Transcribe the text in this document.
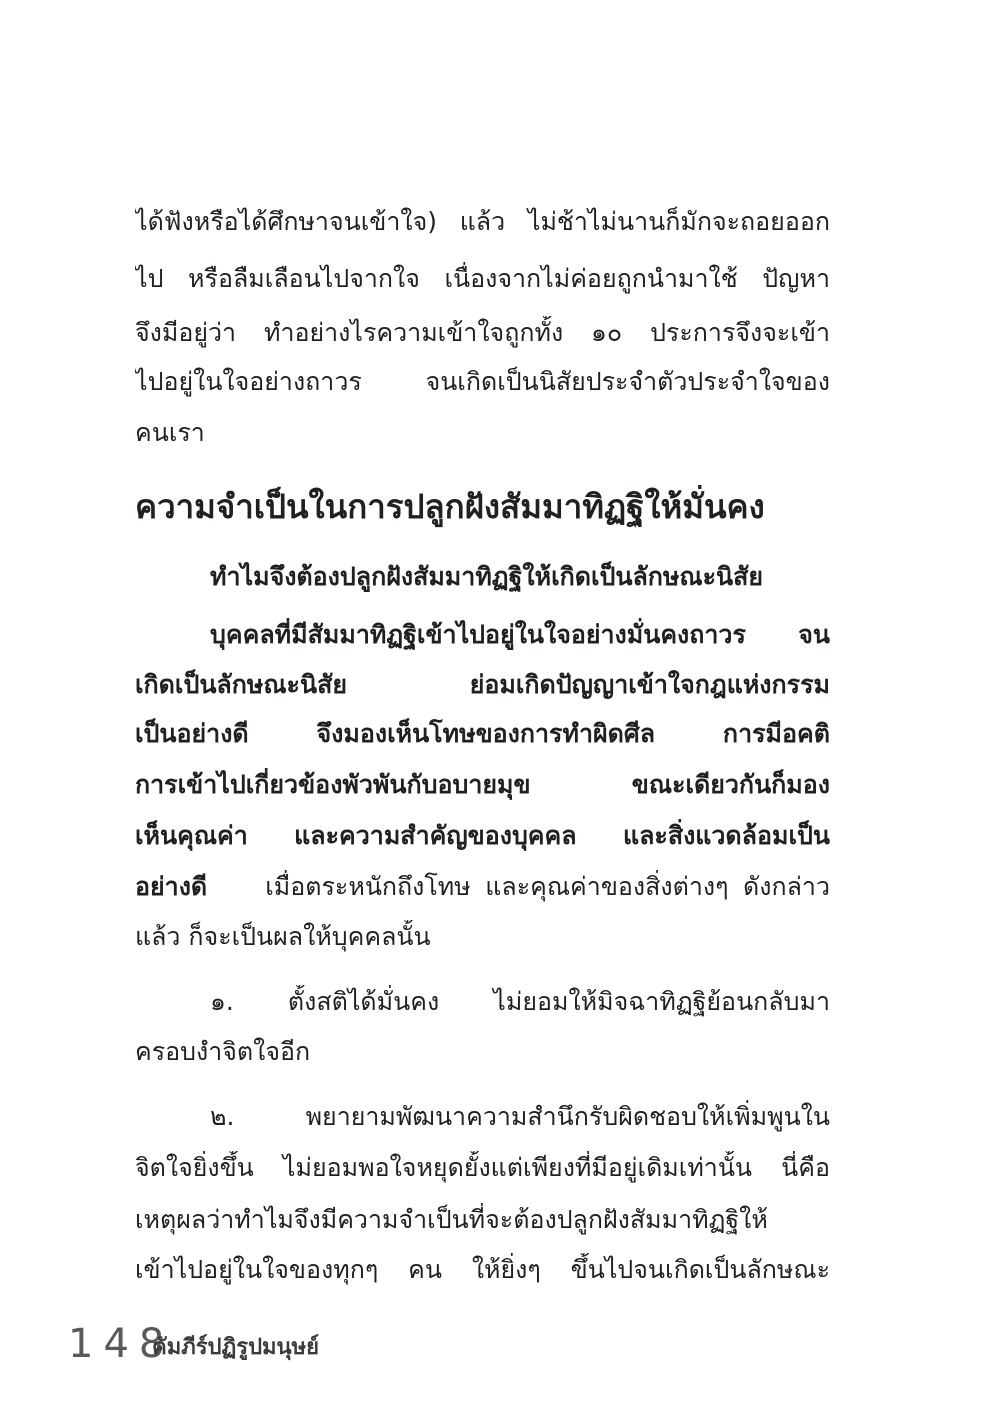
ได้ฟังหรือได้ศึกษาจนเข้าใจ) แล้ว ไม่ช้าไม่นานก็มักจะถอยออก
ไป หรือลืมเลือนไปจากใจ เนื่องจากไม่ค่อยถูกนำมาใช้ ปัญหา
จึงมีอยู่ว่า ทำอย่างไรความเข้าใจถูกทั้ง ๑๐ ประการจึงจะเข้า
ไปอยู่ในใจอย่างถาวร จนเกิดเป็นนิสัยประจำตัวประจำใจของ
คนเรา
ความจำเป็นในการปลูกฝังสัมมาทิฏฐิให้มั่นคง
ทำไมจึงต้องปลูกฝังสัมมาทิฏฐิให้เกิดเป็นลักษณะนิสัย
บุคคลที่มีสัมมาทิฏฐิเข้าไปอยู่ในใจอย่างมั่นคงถาวร จน
เกิดเป็นลักษณะนิสัย ย่อมเกิดปัญญาเข้าใจกฎแห่งกรรม
เป็นอย่างดี จึงมองเห็นโทษของการทำผิดศีล การมีอคติ
การเข้าไปเกี่ยวข้องพัวพันกับอบายมุข ขณะเดียวกันก็มอง
เห็นคุณค่า และความสำคัญของบุคคล และสิ่งแวดล้อมเป็น
อย่างดี เมื่อตระหนักถึงโทษ และคุณค่าของสิ่งต่างๆ ดังกล่าว
แล้ว ก็จะเป็นผลให้บุคคลนั้น
๑. ตั้งสติได้มั่นคง ไม่ยอมให้มิจฉาทิฏฐิย้อนกลับมา
ครอบงำจิตใจอีก
๒. พยายามพัฒนาความสำนึกรับผิดชอบให้เพิ่มพูนใน
จิตใจยิ่งขึ้น ไม่ยอมพอใจหยุดยั้งแต่เพียงที่มีอยู่เดิมเท่านั้น นี่คือ
เหตุผลว่าทำไมจึงมีความจำเป็นที่จะต้องปลูกฝังสัมมาทิฏฐิให้
เข้าไปอยู่ในใจของทุกๆ คน ให้ยิ่งๆ ขึ้นไปจนเกิดเป็นลักษณะ
148
คัมภีร์ปฏิรูปมนุษย์
